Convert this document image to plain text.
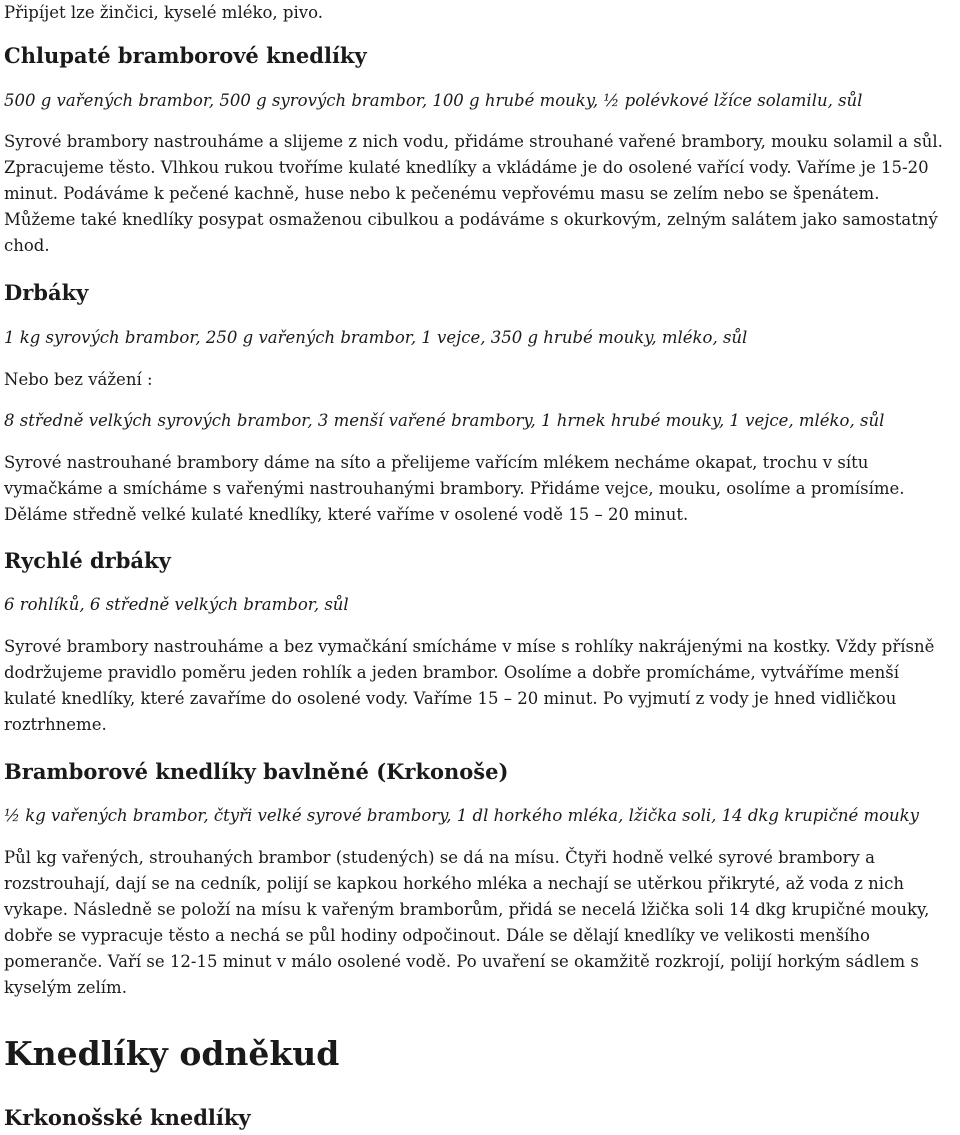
Připíjet lze žinčici, kyselé mléko, pivo.

Chlupaté bramborové knedlíky

500 g vařených brambor, 500 g syrových brambor, 100 g hrubé mouky, ½ polévkové lžíce solamilu, sůl

Syrové brambory nastrouháme a slijeme z nich vodu, přidáme strouhané vařené brambory, mouku solamil a sůl. Zpracujeme těsto. Vlhkou rukou tvoříme kulaté knedlíky a vkládáme je do osolené vařící vody. Vaříme je 15-20 minut. Podáváme k pečené kachně, huse nebo k pečenému vepřovému masu se zelím nebo se špenátem. Můžeme také knedlíky posypat osmaženou cibulkou a podáváme s okurkovým, zelným salátem jako samostatný chod.

Drbáky

1 kg syrových brambor, 250 g vařených brambor, 1 vejce, 350 g hrubé mouky, mléko, sůl

Nebo bez vážení :

8 středně velkých syrových brambor, 3 menší vařené brambory, 1 hrnek hrubé mouky, 1 vejce, mléko, sůl

Syrové nastrouhané brambory dáme na síto a přelijeme vařícím mlékem necháme okapat, trochu v sítu vymačkáme a smícháme s vařenými nastrouhanými brambory. Přidáme vejce, mouku, osolíme a promísíme. Děláme středně velké kulaté knedlíky, které vaříme v osolené vodě 15 – 20 minut.

Rychlé drbáky

6 rohlíků, 6 středně velkých brambor, sůl

Syrové brambory nastrouháme a bez vymačkání smícháme v míse s rohlíky nakrájenými na kostky. Vždy přísně dodržujeme pravidlo poměru jeden rohlík a jeden brambor. Osolíme a dobře promícháme, vytváříme menší kulaté knedlíky, které zavaříme do osolené vody. Vaříme 15 – 20 minut. Po vyjmutí z vody je hned vidličkou roztrhneme.

Bramborové knedlíky bavlněné (Krkonoše)

½ kg vařených brambor, čtyři velké syrové brambory, 1 dl horkého mléka, lžička soli, 14 dkg krupičné mouky

Půl kg vařených, strouhaných brambor (studených) se dá na mísu. Čtyři hodně velké syrové brambory a rozstrouhají, dají se na cedník, polijí se kapkou horkého mléka a nechají se utěrkou přikryté, až voda z nich vykape. Následně se položí na mísu k vařeným bramborům, přidá se necelá lžička soli 14 dkg krupičné mouky, dobře se vypracuje těsto a nechá se půl hodiny odpočinout. Dále se dělají knedlíky ve velikosti menšího pomeranče. Vaří se 12-15 minut v málo osolené vodě. Po uvaření se okamžitě rozkrojí, polijí horkým sádlem s kyselým zelím.

Knedlíky odněkud
Krkonošské knedlíky
